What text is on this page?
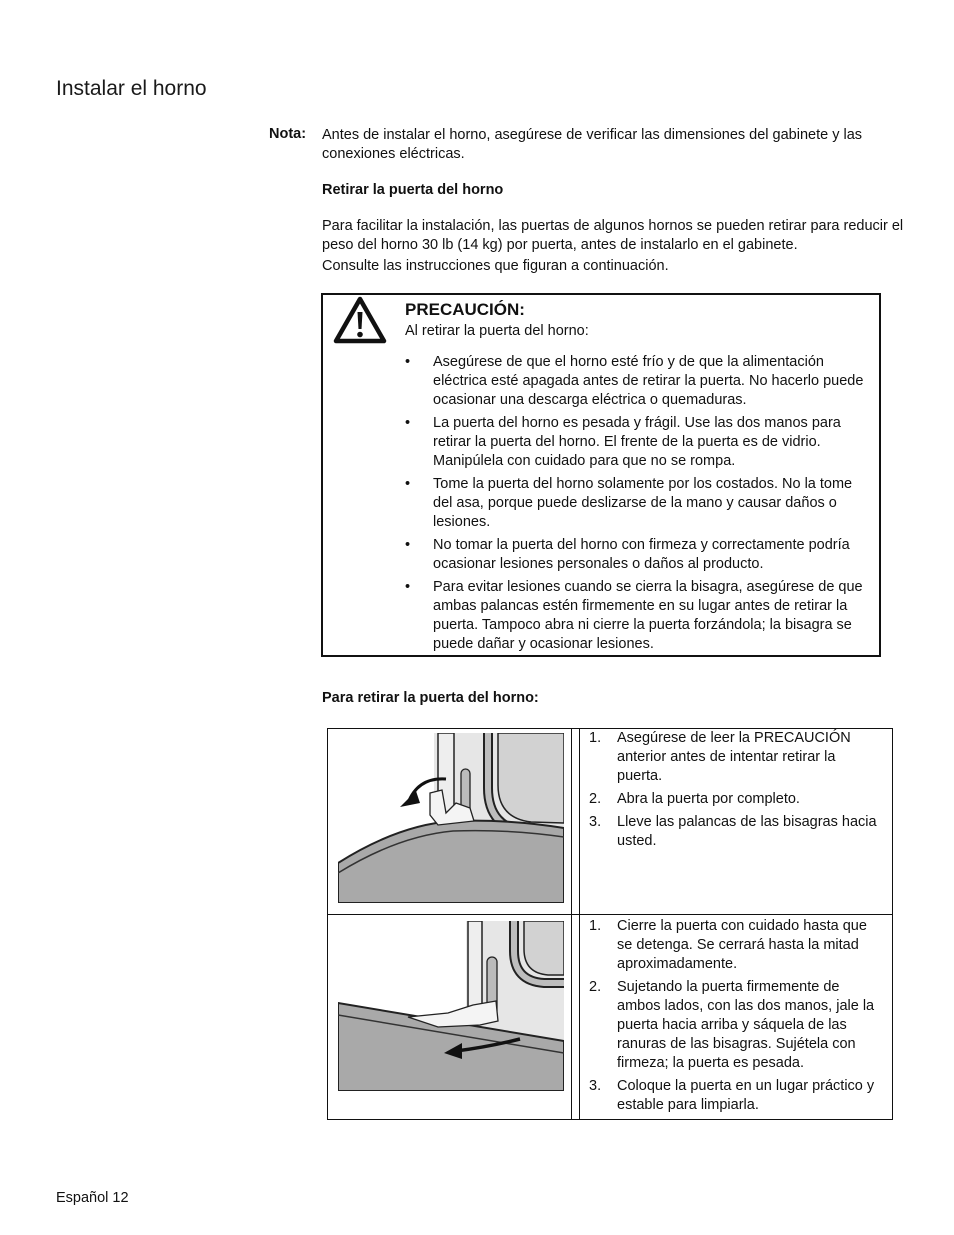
Instalar el horno
Nota: Antes de instalar el horno, asegúrese de verificar las dimensiones del gabinete y las conexiones eléctricas.
Retirar la puerta del horno

Para facilitar la instalación, las puertas de algunos hornos se pueden retirar para reducir el peso del horno 30 lb (14 kg) por puerta, antes de instalarlo en el gabinete.

Consulte las instrucciones que figuran a continuación.

PRECAUCIÓN:
Al retirar la puerta del horno:
• Asegúrese de que el horno esté frío y de que la alimentación eléctrica esté apagada antes de retirar la puerta. No hacerlo puede ocasionar una descarga eléctrica o quemaduras.
• La puerta del horno es pesada y frágil. Use las dos manos para retirar la puerta del horno. El frente de la puerta es de vidrio. Manipúlela con cuidado para que no se rompa.
• Tome la puerta del horno solamente por los costados. No la tome del asa, porque puede deslizarse de la mano y causar daños o lesiones.
• No tomar la puerta del horno con firmeza y correctamente podría ocasionar lesiones personales o daños al producto.
• Para evitar lesiones cuando se cierra la bisagra, asegúrese de que ambas palancas estén firmemente en su lugar antes de retirar la puerta. Tampoco abra ni cierre la puerta forzándola; la bisagra se puede dañar y ocasionar lesiones.
Para retirar la puerta del horno:
1. Asegúrese de leer la PRECAUCIÓN anterior antes de intentar retirar la puerta.
2. Abra la puerta por completo.
3. Lleve las palancas de las bisagras hacia usted.
1. Cierre la puerta con cuidado hasta que se detenga. Se cerrará hasta la mitad aproximadamente.
2. Sujetando la puerta firmemente de ambos lados, con las dos manos, jale la puerta hacia arriba y sáquela de las ranuras de las bisagras. Sujétela con firmeza; la puerta es pesada.
3. Coloque la puerta en un lugar práctico y estable para limpiarla.
Español 12
